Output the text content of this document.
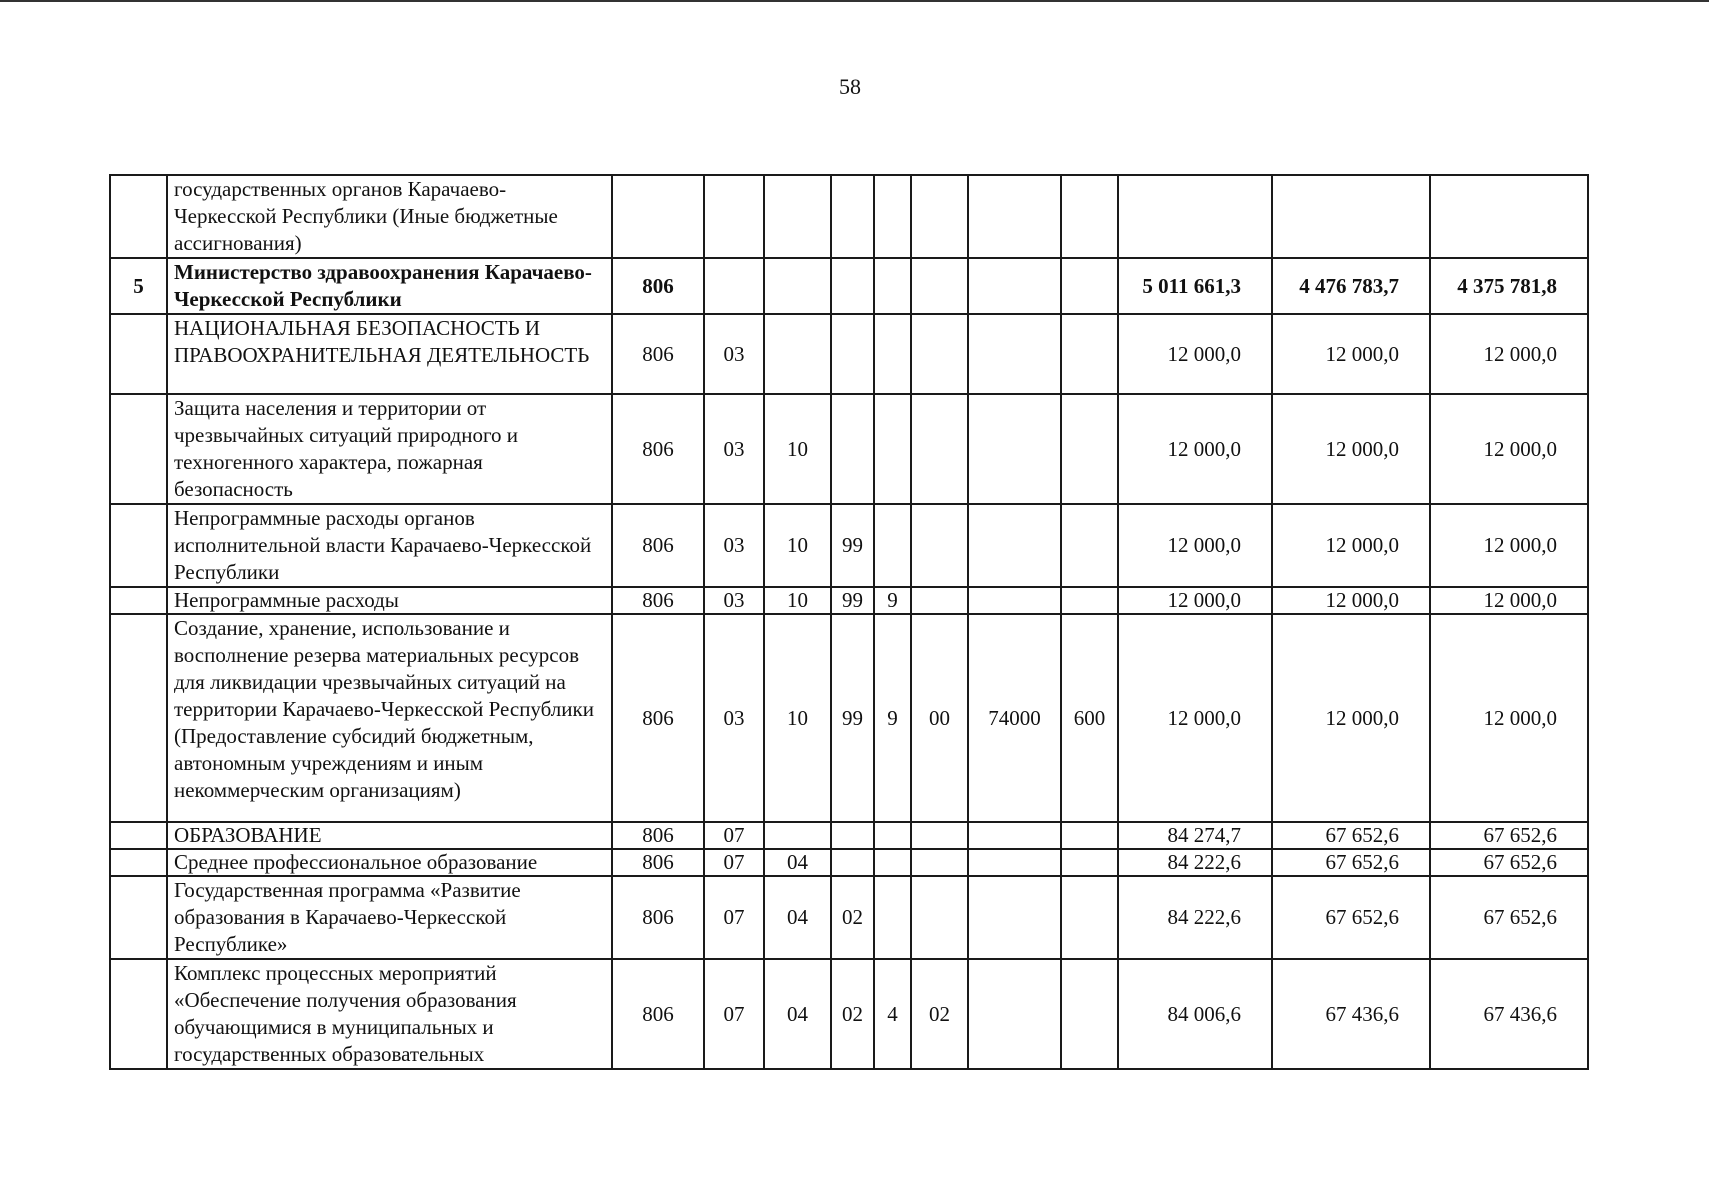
58
	государственных органов Карачаево-Черкесской Республики (Иные бюджетные ассигнования)											
5	Министерство здравоохранения Карачаево-Черкесской Республики	806								5 011 661,3	4 476 783,7	4 375 781,8
	НАЦИОНАЛЬНАЯ БЕЗОПАСНОСТЬ И ПРАВООХРАНИТЕЛЬНАЯ ДЕЯТЕЛЬНОСТЬ	806	03							12 000,0	12 000,0	12 000,0
	Защита населения и территории от чрезвычайных ситуаций природного и техногенного характера, пожарная безопасность	806	03	10						12 000,0	12 000,0	12 000,0
	Непрограммные расходы органов исполнительной власти Карачаево-Черкесской Республики	806	03	10	99					12 000,0	12 000,0	12 000,0
	Непрограммные расходы	806	03	10	99	9				12 000,0	12 000,0	12 000,0
	Создание, хранение, использование и восполнение резерва материальных ресурсов для ликвидации чрезвычайных ситуаций на территории Карачаево-Черкесской Республики (Предоставление субсидий бюджетным, автономным учреждениям и иным некоммерческим организациям)	806	03	10	99	9	00	74000	600	12 000,0	12 000,0	12 000,0
	ОБРАЗОВАНИЕ	806	07							84 274,7	67 652,6	67 652,6
	Среднее профессиональное образование	806	07	04						84 222,6	67 652,6	67 652,6
	Государственная программа «Развитие образования в Карачаево-Черкесской Республике»	806	07	04	02					84 222,6	67 652,6	67 652,6
	Комплекс процессных мероприятий «Обеспечение получения образования обучающимися в муниципальных и государственных образовательных	806	07	04	02	4	02			84 006,6	67 436,6	67 436,6
